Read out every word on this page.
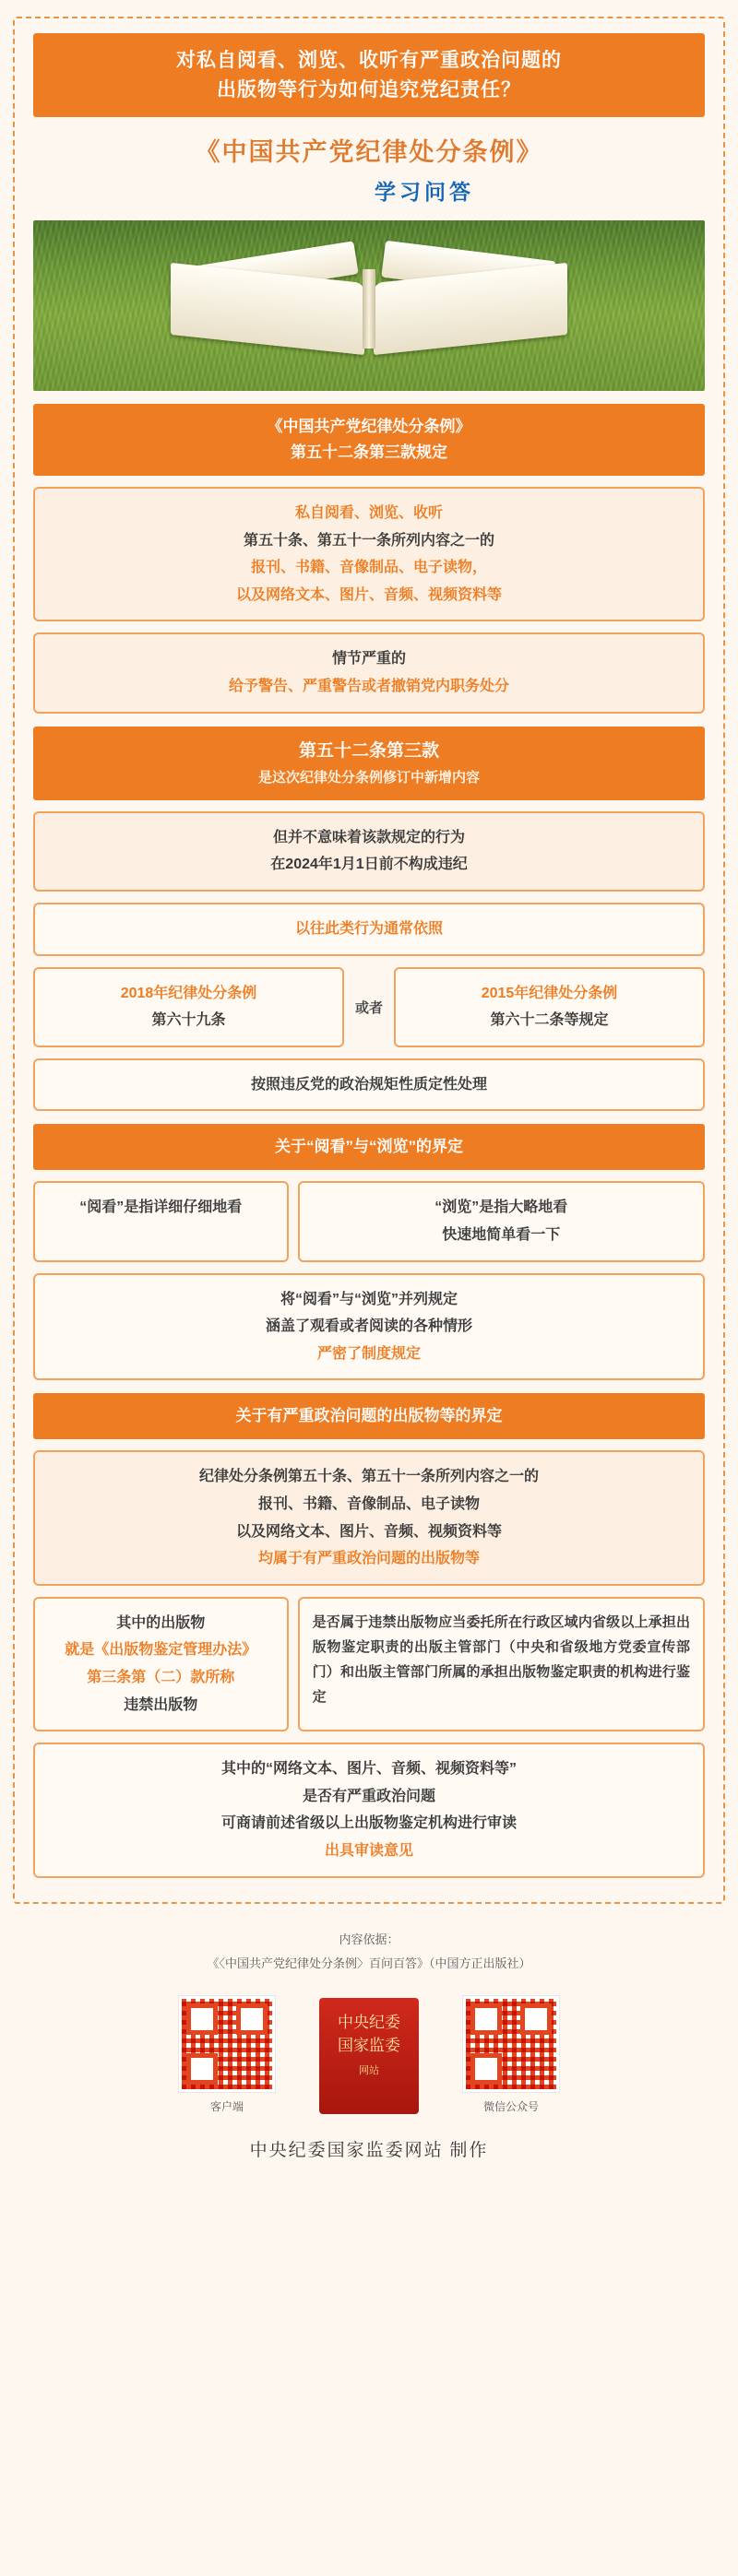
对私自阅看、浏览、收听有严重政治问题的
出版物等行为如何追究党纪责任？
《中国共产党纪律处分条例》
学习问答
《中国共产党纪律处分条例》
第五十二条第三款规定
私自阅看、浏览、收听
第五十条、第五十一条所列内容之一的
报刊、书籍、音像制品、电子读物，
以及网络文本、图片、音频、视频资料等
情节严重的
给予警告、严重警告或者撤销党内职务处分
第五十二条第三款
是这次纪律处分条例修订中新增内容
但并不意味着该款规定的行为
在2024年1月1日前不构成违纪
以往此类行为通常依照
2018年纪律处分条例
第六十九条
或者
2015年纪律处分条例
第六十二条等规定
按照违反党的政治规矩性质定性处理
关于“阅看”与“浏览”的界定
“阅看”是指详细仔细地看	“浏览”是指大略地看
快速地简单看一下
将“阅看”与“浏览”并列规定
涵盖了观看或者阅读的各种情形
严密了制度规定
关于有严重政治问题的出版物等的界定
纪律处分条例第五十条、第五十一条所列内容之一的
报刊、书籍、音像制品、电子读物
以及网络文本、图片、音频、视频资料等
均属于有严重政治问题的出版物等
其中的出版物
就是《出版物鉴定管理办法》
第三条第（二）款所称
违禁出版物
是否属于违禁出版物应当委托所在行政区域内省级以上承担出版物鉴定职责的出版主管部门（中央和省级地方党委宣传部门）和出版主管部门所属的承担出版物鉴定职责的机构进行鉴定
其中的“网络文本、图片、音频、视频资料等”
是否有严重政治问题
可商请前述省级以上出版物鉴定机构进行审读
出具审读意见
内容依据：
《〈中国共产党纪律处分条例〉百问百答》（中国方正出版社）
客户端
中央纪委
国家监委
网站
微信公众号
中央纪委国家监委网站 制作
